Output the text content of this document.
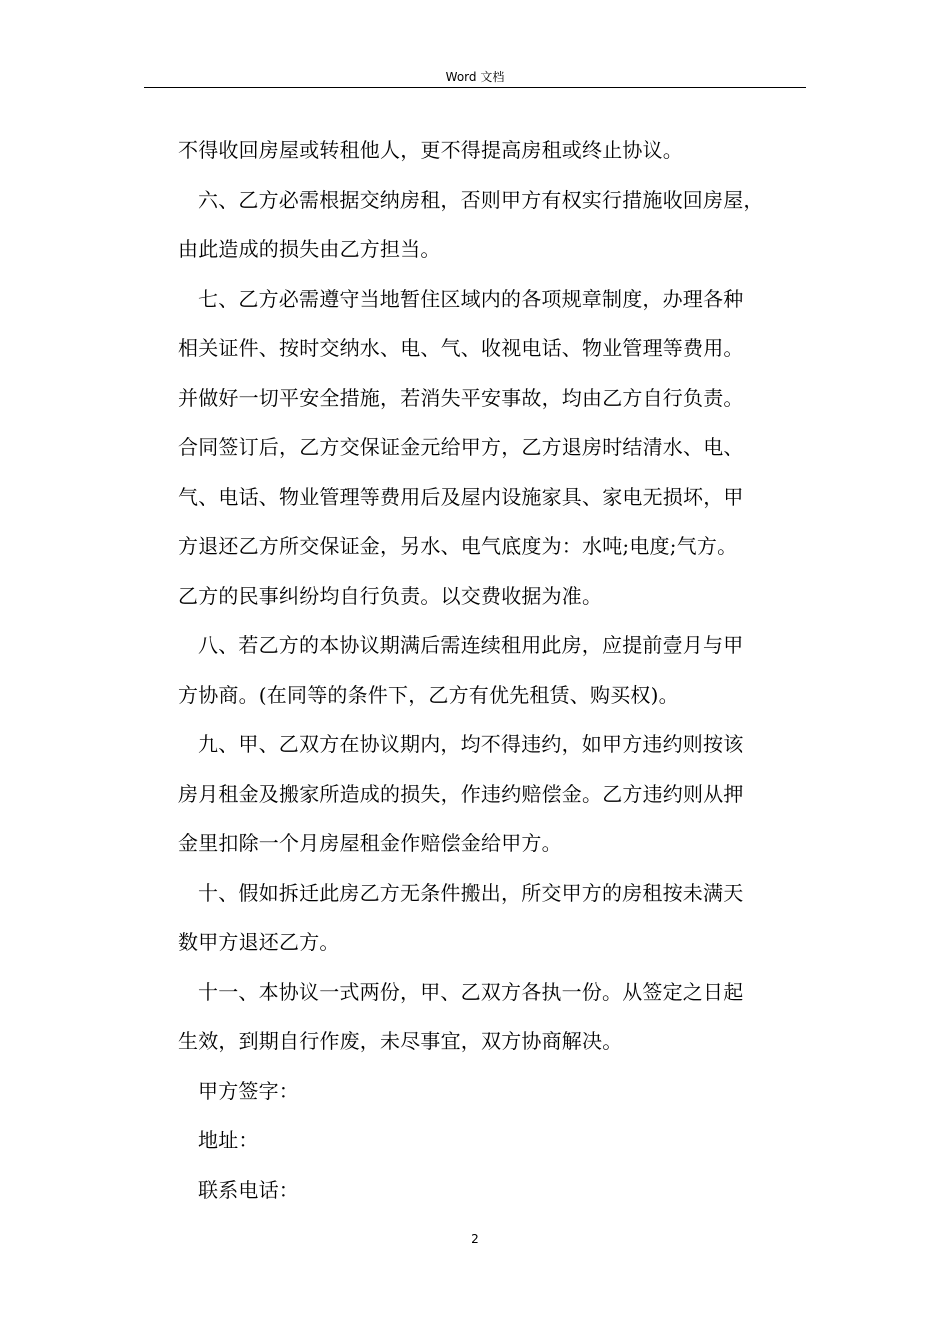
Word 文档
不得收回房屋或转租他人，更不得提高房租或终止协议。
六、乙方必需根据交纳房租，否则甲方有权实行措施收回房屋，
由此造成的损失由乙方担当。
七、乙方必需遵守当地暂住区域内的各项规章制度，办理各种
相关证件、按时交纳水、电、气、收视电话、物业管理等费用。
并做好一切平安全措施，若消失平安事故，均由乙方自行负责。
合同签订后，乙方交保证金元给甲方，乙方退房时结清水、电、
气、电话、物业管理等费用后及屋内设施家具、家电无损坏，甲
方退还乙方所交保证金，另水、电气底度为：水吨;电度;气方。
乙方的民事纠纷均自行负责。以交费收据为准。
八、若乙方的本协议期满后需连续租用此房，应提前壹月与甲
方协商。(在同等的条件下，乙方有优先租赁、购买权)。
九、甲、乙双方在协议期内，均不得违约，如甲方违约则按该
房月租金及搬家所造成的损失，作违约赔偿金。乙方违约则从押
金里扣除一个月房屋租金作赔偿金给甲方。
十、假如拆迁此房乙方无条件搬出，所交甲方的房租按未满天
数甲方退还乙方。
十一、本协议一式两份，甲、乙双方各执一份。从签定之日起
生效，到期自行作废，未尽事宜，双方协商解决。
甲方签字：
地址：
联系电话：
2
